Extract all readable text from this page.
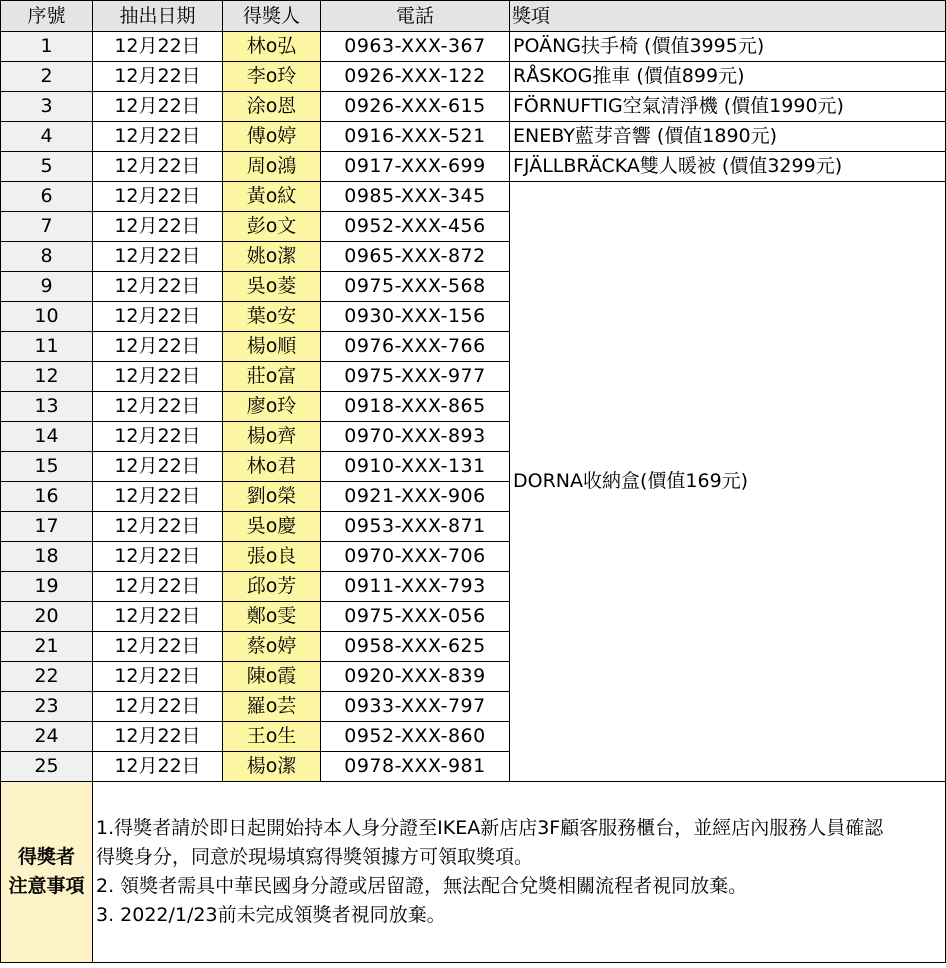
序號	抽出日期	得獎人	電話	獎項
1	12月22日	林o弘	0963-XXX-367	POÄNG扶手椅 (價值3995元)
2	12月22日	李o玲	0926-XXX-122	RÅSKOG推車 (價值899元)
3	12月22日	涂o恩	0926-XXX-615	FÖRNUFTIG空氣清淨機 (價值1990元)
4	12月22日	傅o婷	0916-XXX-521	ENEBY藍芽音響 (價值1890元)
5	12月22日	周o鴻	0917-XXX-699	FJÄLLBRÄCKA雙人暖被 (價值3299元)
6	12月22日	黃o紋	0985-XXX-345	DORNA收納盒(價值169元)
7	12月22日	彭o文	0952-XXX-456	
8	12月22日	姚o潔	0965-XXX-872	
9	12月22日	吳o菱	0975-XXX-568	
10	12月22日	葉o安	0930-XXX-156	
11	12月22日	楊o順	0976-XXX-766	
12	12月22日	莊o富	0975-XXX-977	
13	12月22日	廖o玲	0918-XXX-865	
14	12月22日	楊o齊	0970-XXX-893	
15	12月22日	林o君	0910-XXX-131	
16	12月22日	劉o榮	0921-XXX-906	
17	12月22日	吳o慶	0953-XXX-871	
18	12月22日	張o良	0970-XXX-706	
19	12月22日	邱o芳	0911-XXX-793	
20	12月22日	鄭o雯	0975-XXX-056	
21	12月22日	蔡o婷	0958-XXX-625	
22	12月22日	陳o霞	0920-XXX-839	
23	12月22日	羅o芸	0933-XXX-797	
24	12月22日	王o生	0952-XXX-860	
25	12月22日	楊o潔	0978-XXX-981	

得獎者
注意事項	1.得獎者請於即日起開始持本人身分證至IKEA新店店3F顧客服務櫃台，並經店內服務人員確認
得獎身分，同意於現場填寫得獎領據方可領取獎項。
2. 領獎者需具中華民國身分證或居留證，無法配合兌獎相關流程者視同放棄。
3. 2022/1/23前未完成領獎者視同放棄。			
